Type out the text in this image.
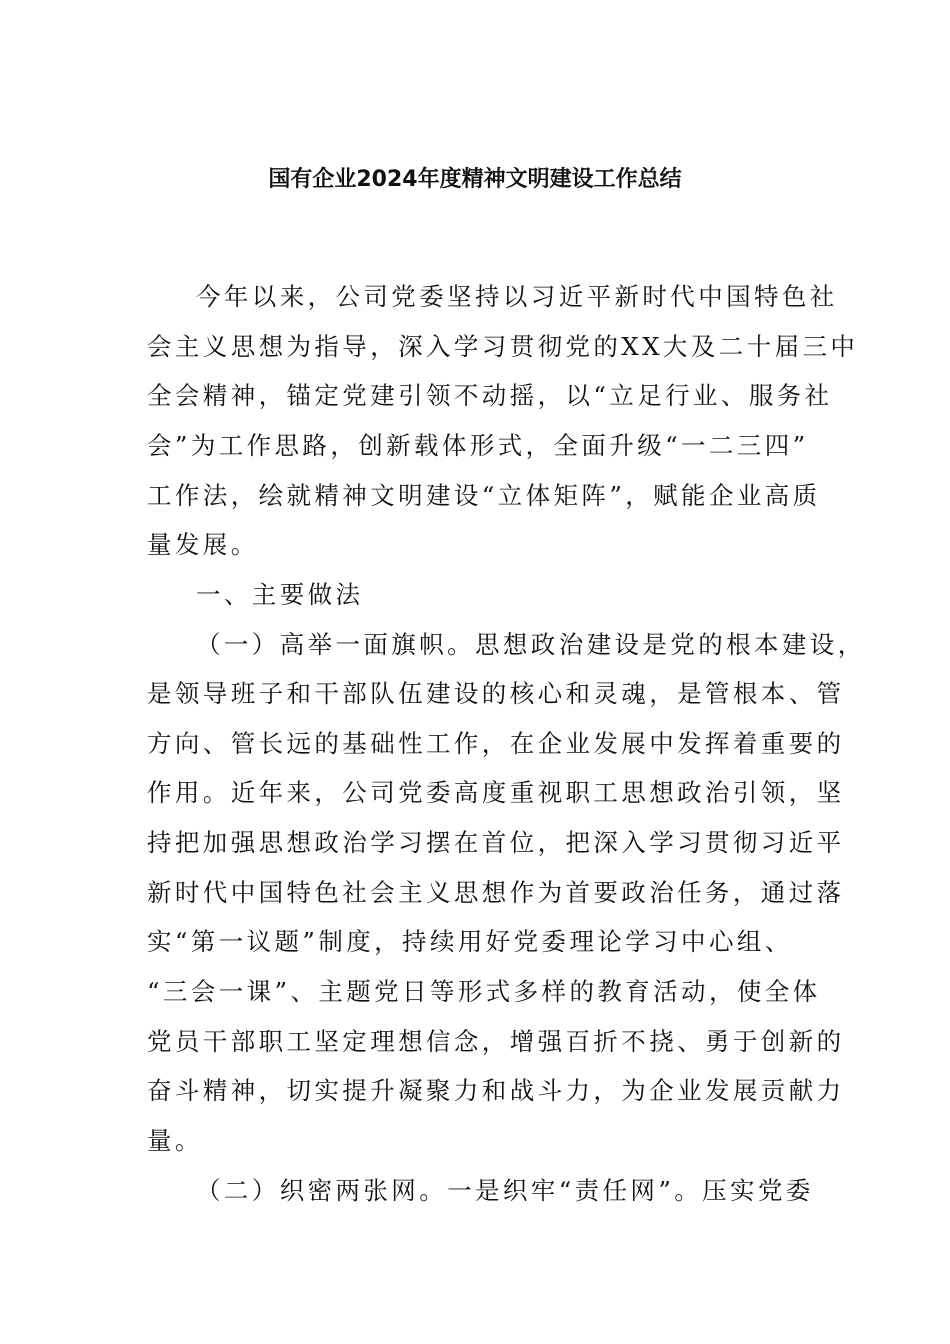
国有企业2024年度精神文明建设工作总结
今年以来，公司党委坚持以习近平新时代中国特色社
会主义思想为指导，深入学习贯彻党的XX大及二十届三中
全会精神，锚定党建引领不动摇，以“立足行业、服务社
会”为工作思路，创新载体形式，全面升级“一二三四”
工作法，绘就精神文明建设“立体矩阵”，赋能企业高质
量发展。
一、主要做法
（一）高举一面旗帜。思想政治建设是党的根本建设，
是领导班子和干部队伍建设的核心和灵魂，是管根本、管
方向、管长远的基础性工作，在企业发展中发挥着重要的
作用。近年来，公司党委高度重视职工思想政治引领，坚
持把加强思想政治学习摆在首位，把深入学习贯彻习近平
新时代中国特色社会主义思想作为首要政治任务，通过落
实“第一议题”制度，持续用好党委理论学习中心组、
“三会一课”、主题党日等形式多样的教育活动，使全体
党员干部职工坚定理想信念，增强百折不挠、勇于创新的
奋斗精神，切实提升凝聚力和战斗力，为企业发展贡献力
量。
（二）织密两张网。一是织牢“责任网”。压实党委
